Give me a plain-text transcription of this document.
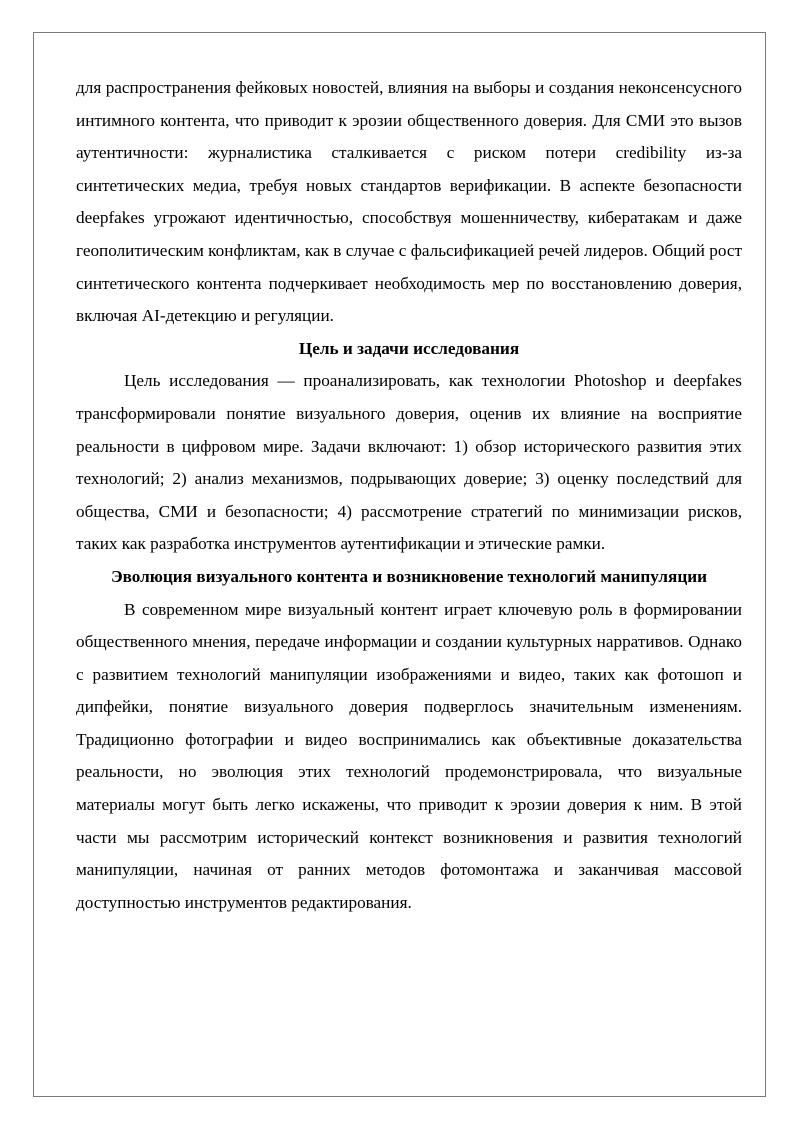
для распространения фейковых новостей, влияния на выборы и создания неконсенсусного интимного контента, что приводит к эрозии общественного доверия. Для СМИ это вызов аутентичности: журналистика сталкивается с риском потери credibility из-за синтетических медиа, требуя новых стандартов верификации. В аспекте безопасности deepfakes угрожают идентичностью, способствуя мошенничеству, кибератакам и даже геополитическим конфликтам, как в случае с фальсификацией речей лидеров. Общий рост синтетического контента подчеркивает необходимость мер по восстановлению доверия, включая AI-детекцию и регуляции.

Цель и задачи исследования

Цель исследования — проанализировать, как технологии Photoshop и deepfakes трансформировали понятие визуального доверия, оценив их влияние на восприятие реальности в цифровом мире. Задачи включают: 1) обзор исторического развития этих технологий; 2) анализ механизмов, подрывающих доверие; 3) оценку последствий для общества, СМИ и безопасности; 4) рассмотрение стратегий по минимизации рисков, таких как разработка инструментов аутентификации и этические рамки.

Эволюция визуального контента и возникновение технологий манипуляции

В современном мире визуальный контент играет ключевую роль в формировании общественного мнения, передаче информации и создании культурных нарративов. Однако с развитием технологий манипуляции изображениями и видео, таких как фотошоп и дипфейки, понятие визуального доверия подверглось значительным изменениям. Традиционно фотографии и видео воспринимались как объективные доказательства реальности, но эволюция этих технологий продемонстрировала, что визуальные материалы могут быть легко искажены, что приводит к эрозии доверия к ним. В этой части мы рассмотрим исторический контекст возникновения и развития технологий манипуляции, начиная от ранних методов фотомонтажа и заканчивая массовой доступностью инструментов редактирования.
